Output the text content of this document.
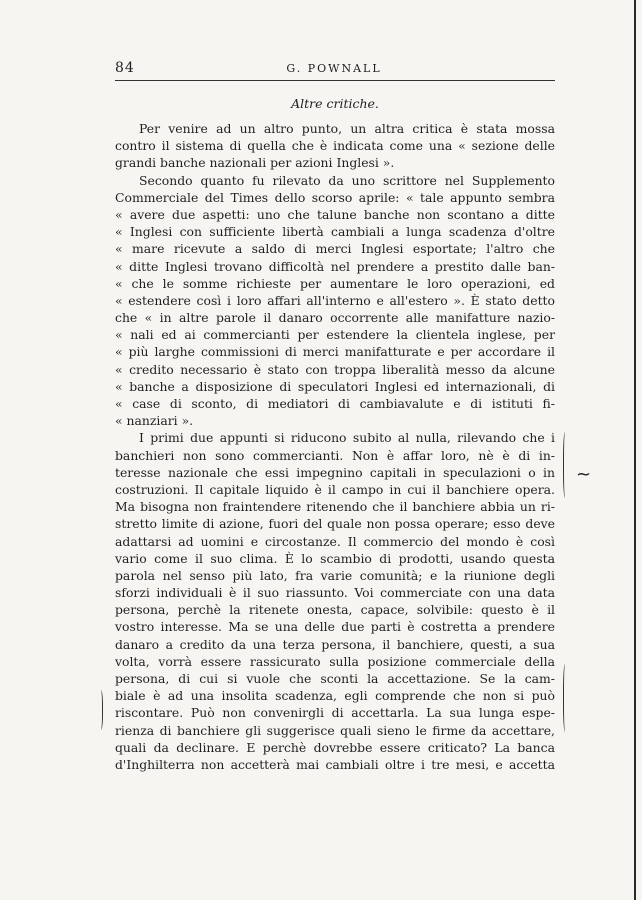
84	G. POWNALL
Altre critiche.
Per venire ad un altro punto, un altra critica è stata mossa
contro il sistema di quella che è indicata come una « sezione delle
grandi banche nazionali per azioni Inglesi ».
Secondo quanto fu rilevato da uno scrittore nel Supplemento
Commerciale del Times dello scorso aprile: « tale appunto sembra
« avere due aspetti: uno che talune banche non scontano a ditte
« Inglesi con sufficiente libertà cambiali a lunga scadenza d'oltre
« mare ricevute a saldo di merci Inglesi esportate; l'altro che
« ditte Inglesi trovano difficoltà nel prendere a prestito dalle ban-
« che le somme richieste per aumentare le loro operazioni, ed
« estendere così i loro affari all'interno e all'estero ». È stato detto
che « in altre parole il danaro occorrente alle manifatture nazio-
« nali ed ai commercianti per estendere la clientela inglese, per
« più larghe commissioni di merci manifatturate e per accordare il
« credito necessario è stato con troppa liberalità messo da alcune
« banche a disposizione di speculatori Inglesi ed internazionali, di
« case di sconto, di mediatori di cambiavalute e di istituti fi-
« nanziari ».
I primi due appunti si riducono subito al nulla, rilevando che i
banchieri non sono commercianti. Non è affar loro, nè è di in-
teresse nazionale che essi impegnino capitali in speculazioni o in
costruzioni. Il capitale liquido è il campo in cui il banchiere opera.
Ma bisogna non fraintendere ritenendo che il banchiere abbia un ri-
stretto limite di azione, fuori del quale non possa operare; esso deve
adattarsi ad uomini e circostanze. Il commercio del mondo è così
vario come il suo clima. È lo scambio di prodotti, usando questa
parola nel senso più lato, fra varie comunità; e la riunione degli
sforzi individuali è il suo riassunto. Voi commerciate con una data
persona, perchè la ritenete onesta, capace, solvibile: questo è il
vostro interesse. Ma se una delle due parti è costretta a prendere
danaro a credito da una terza persona, il banchiere, questi, a sua
volta, vorrà essere rassicurato sulla posizione commerciale della
persona, di cui si vuole che sconti la accettazione. Se la cam-
biale è ad una insolita scadenza, egli comprende che non si può
riscontare. Può non convenirgli di accettarla. La sua lunga espe-
rienza di banchiere gli suggerisce quali sieno le firme da accettare,
quali da declinare. E perchè dovrebbe essere criticato? La banca
d'Inghilterra non accetterà mai cambiali oltre i tre mesi, e accetta
~
